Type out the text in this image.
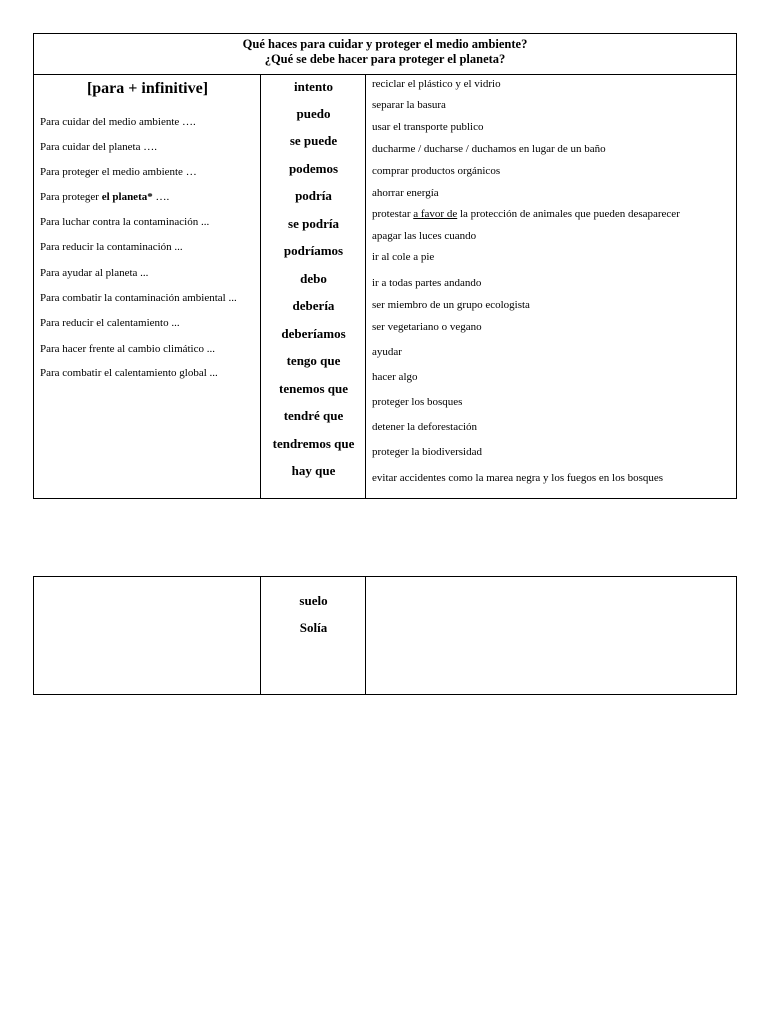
Qué haces para cuidar y proteger el medio ambiente?
¿Qué se debe hacer para proteger el planeta?
[para + infinitive]
Para cuidar del medio ambiente ….
Para cuidar del planeta ….
Para proteger el medio ambiente …
Para proteger el planeta* ….
Para luchar contra la contaminación ...
Para reducir la contaminación ...
Para ayudar al planeta ...
Para combatir la contaminación ambiental ...
Para reducir el calentamiento ...
Para hacer frente al cambio climático ...
Para combatir el calentamiento global ...
intento
puedo
se puede
podemos
podría
se podría
podríamos
debo
debería
deberíamos
tengo que
tenemos que
tendré que
tendremos que
hay que
reciclar el plástico y el vidrio
separar la basura
usar el transporte publico
ducharme / ducharse / duchamos en lugar de un baño
comprar productos orgánicos
ahorrar energía
protestar a favor de la protección de animales que pueden desaparecer
apagar las luces cuando
ir al cole a pie
ir a todas partes andando
ser miembro de un grupo ecologista
ser vegetariano o vegano
ayudar
hacer algo
proteger los bosques
detener la deforestación
proteger la biodiversidad
evitar accidentes como la marea negra y los fuegos en los bosques
suelo
Solía
